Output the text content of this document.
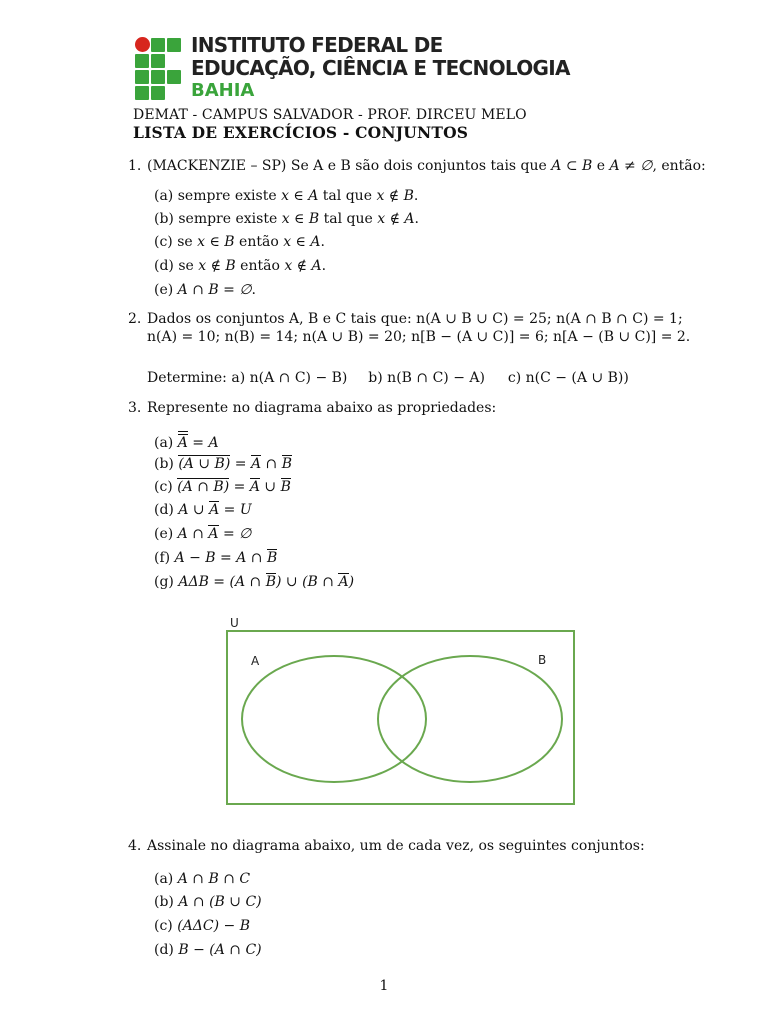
INSTITUTO FEDERAL DE
EDUCAÇÃO, CIÊNCIA E TECNOLOGIA
BAHIA
DEMAT - CAMPUS SALVADOR - PROF. DIRCEU MELO
LISTA DE EXERCÍCIOS - CONJUNTOS
1. (MACKENZIE – SP) Se A e B são dois conjuntos tais que A ⊂ B e A ≠ ∅, então:
(a) sempre existe x ∈ A tal que x ∉ B.
(b) sempre existe x ∈ B tal que x ∉ A.
(c) se x ∈ B então x ∈ A.
(d) se x ∉ B então x ∉ A.
(e) A ∩ B = ∅.
2. Dados os conjuntos A, B e C tais que: n(A ∪ B ∪ C) = 25; n(A ∩ B ∩ C) = 1;
n(A) = 10; n(B) = 14; n(A ∪ B) = 20; n[B − (A ∪ C)] = 6; n[A − (B ∪ C)] = 2.
Determine: a) n(A ∩ C) − B) b) n(B ∩ C) − A) c) n(C − (A ∪ B))
3. Represente no diagrama abaixo as propriedades:
(a) A = A
(b) (A ∪ B) = A ∩ B
(c) (A ∩ B) = A ∪ B
(d) A ∪ A = U
(e) A ∩ A = ∅
(f) A − B = A ∩ B
(g) AΔB = (A ∩ B) ∪ (B ∩ A)
U
A	B
4. Assinale no diagrama abaixo, um de cada vez, os seguintes conjuntos:
(a) A ∩ B ∩ C
(b) A ∩ (B ∪ C)
(c) (AΔC) − B
(d) B − (A ∩ C)
1
